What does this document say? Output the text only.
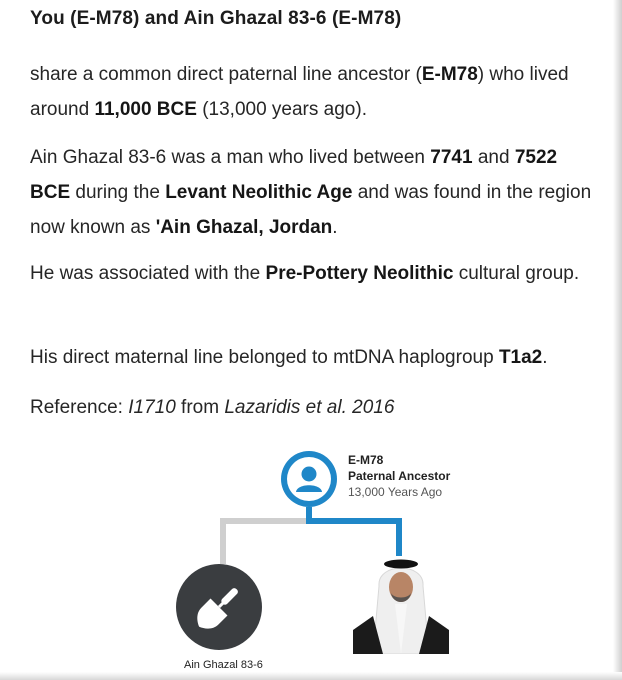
You (E-M78) and Ain Ghazal 83-6 (E-M78)

share a common direct paternal line ancestor (E-M78) who lived around 11,000 BCE (13,000 years ago).

Ain Ghazal 83-6 was a man who lived between 7741 and 7522 BCE during the Levant Neolithic Age and was found in the region now known as 'Ain Ghazal, Jordan.

He was associated with the Pre-Pottery Neolithic cultural group.

His direct maternal line belonged to mtDNA haplogroup T1a2.

Reference: I1710 from Lazaridis et al. 2016

E-M78
Paternal Ancestor
13,000 Years Ago
Ain Ghazal 83-6
